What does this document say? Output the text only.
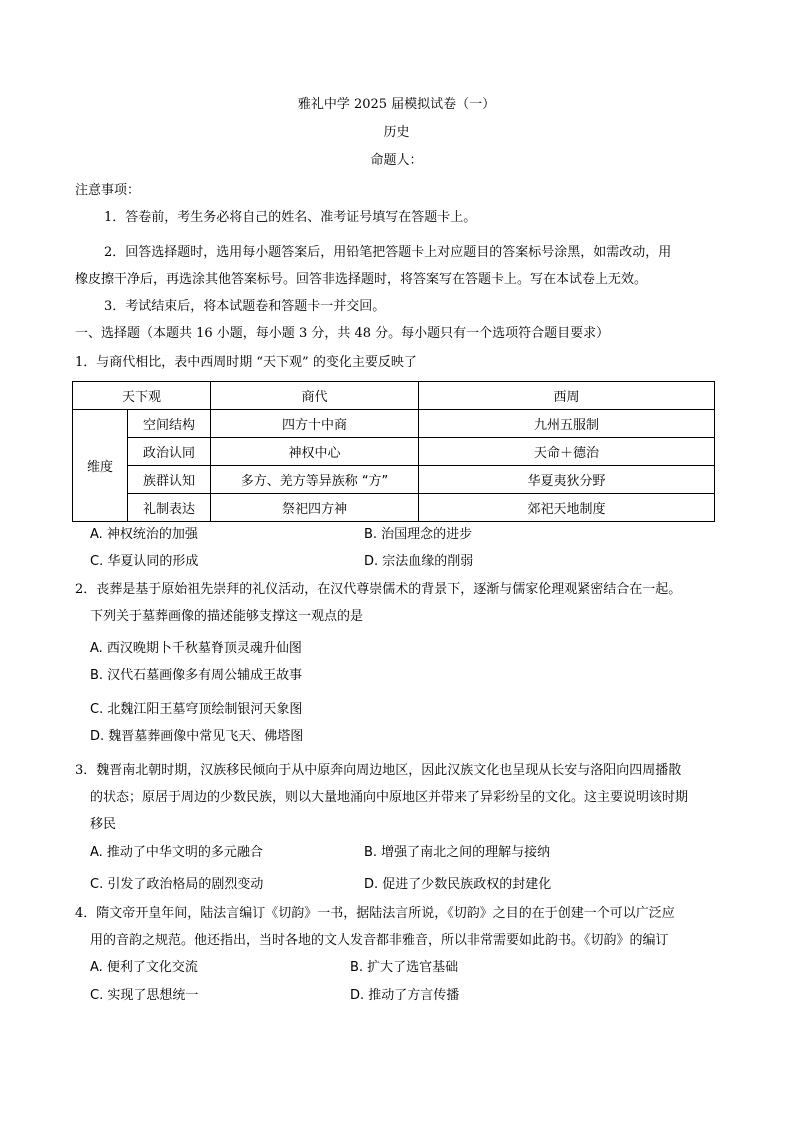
雅礼中学 2025 届模拟试卷（一）
历史
命题人：
注意事项：
1．答卷前，考生务必将自己的姓名、准考证号填写在答题卡上。
2．回答选择题时，选用每小题答案后，用铅笔把答题卡上对应题目的答案标号涂黑，如需改动，用
橡皮擦干净后，再选涂其他答案标号。回答非选择题时，将答案写在答题卡上。写在本试卷上无效。
3．考试结束后，将本试题卷和答题卡一并交回。
一、选择题（本题共 16 小题，每小题 3 分，共 48 分。每小题只有一个选项符合题目要求）
1．与商代相比，表中西周时期 “天下观” 的变化主要反映了
天下观		商代	西周
维度	空间结构	四方十中商	九州五服制
	政治认同	神权中心	天命＋德治
	族群认知	多方、羌方等异族称 “方”	华夏夷狄分野
	礼制表达	祭祀四方神	郊祀天地制度
A. 神权统治的加强	B. 治国理念的进步
C. 华夏认同的形成	D. 宗法血缘的削弱
2．丧葬是基于原始祖先崇拜的礼仪活动，在汉代尊崇儒术的背景下，逐渐与儒家伦理观紧密结合在一起。
下列关于墓葬画像的描述能够支撑这一观点的是
A. 西汉晚期卜千秋墓脊顶灵魂升仙图
B. 汉代石墓画像多有周公辅成王故事
C. 北魏江阳王墓穹顶绘制银河天象图
D. 魏晋墓葬画像中常见飞天、佛塔图
3．魏晋南北朝时期，汉族移民倾向于从中原奔向周边地区，因此汉族文化也呈现从长安与洛阳向四周播散
的状态；原居于周边的少数民族，则以大量地涌向中原地区并带来了异彩纷呈的文化。这主要说明该时期
移民
A. 推动了中华文明的多元融合	B. 增强了南北之间的理解与接纳
C. 引发了政治格局的剧烈变动	D. 促进了少数民族政权的封建化
4．隋文帝开皇年间，陆法言编订《切韵》一书，据陆法言所说，《切韵》之目的在于创建一个可以广泛应
用的音韵之规范。他还指出，当时各地的文人发音都非雅音，所以非常需要如此韵书。《切韵》的编订
A. 便利了文化交流	B. 扩大了选官基础
C. 实现了思想统一	D. 推动了方言传播
